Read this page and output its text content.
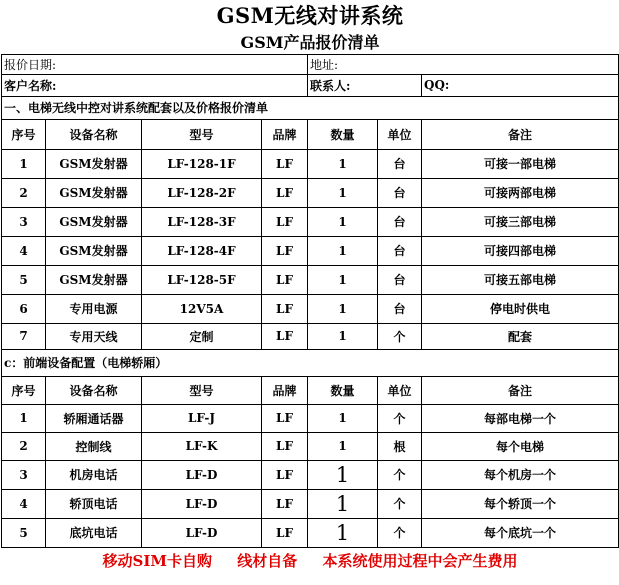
GSM无线对讲系统						
GSM产品报价清单						
报价日期:				地址:		
客户名称:				联系人:		QQ:
一、电梯无线中控对讲系统配套以及价格报价清单						
序号	设备名称	型号	品牌	数量	单位	备注
1	GSM发射器	LF-128-1F	LF	1	台	可接一部电梯
2	GSM发射器	LF-128-2F	LF	1	台	可接两部电梯
3	GSM发射器	LF-128-3F	LF	1	台	可接三部电梯
4	GSM发射器	LF-128-4F	LF	1	台	可接四部电梯
5	GSM发射器	LF-128-5F	LF	1	台	可接五部电梯
6	专用电源	12V5A	LF	1	台	停电时供电
7	专用天线	定制	LF	1	个	配套
c：前端设备配置（电梯轿厢）						
序号	设备名称	型号	品牌	数量	单位	备注
1	轿厢通话器	LF-J	LF	1	个	每部电梯一个
2	控制线	LF-K	LF	1	根	每个电梯
3	机房电话	LF-D	LF	1	个	每个机房一个
4	轿顶电话	LF-D	LF	1	个	每个轿顶一个
5	底坑电话	LF-D	LF	1	个	每个底坑一个
移动SIM卡自购 线材自备 本系统使用过程中会产生费用						
